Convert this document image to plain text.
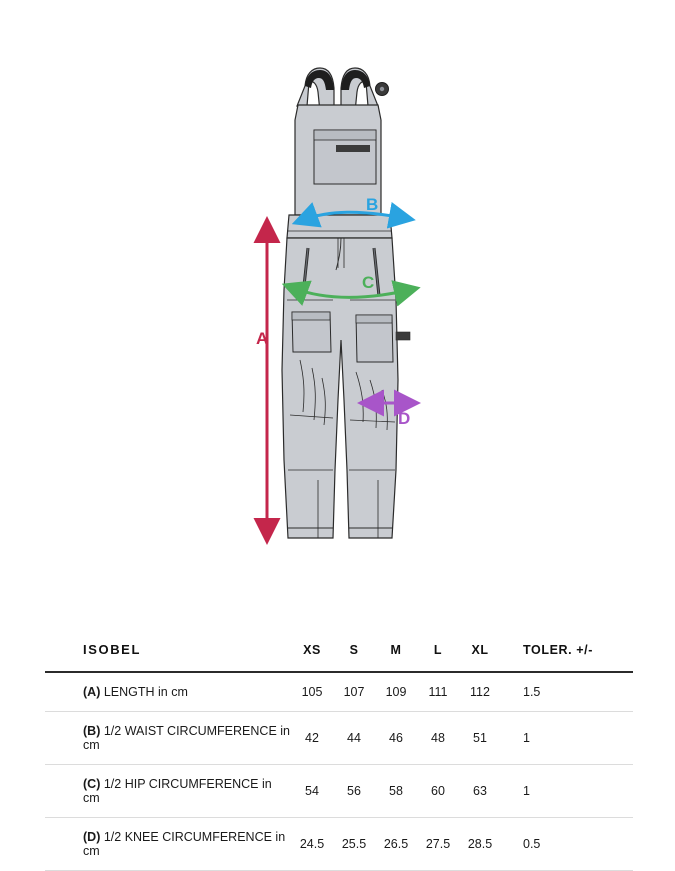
A
B
C
D
ISOBEL	XS	S	M	L	XL	TOLER. +/-
(A) LENGTH in cm	105	107	109	111	112	1.5
(B) 1/2 WAIST CIRCUMFERENCE in cm	42	44	46	48	51	1
(C) 1/2 HIP CIRCUMFERENCE in cm	54	56	58	60	63	1
(D) 1/2 KNEE CIRCUMFERENCE in cm	24.5	25.5	26.5	27.5	28.5	0.5
